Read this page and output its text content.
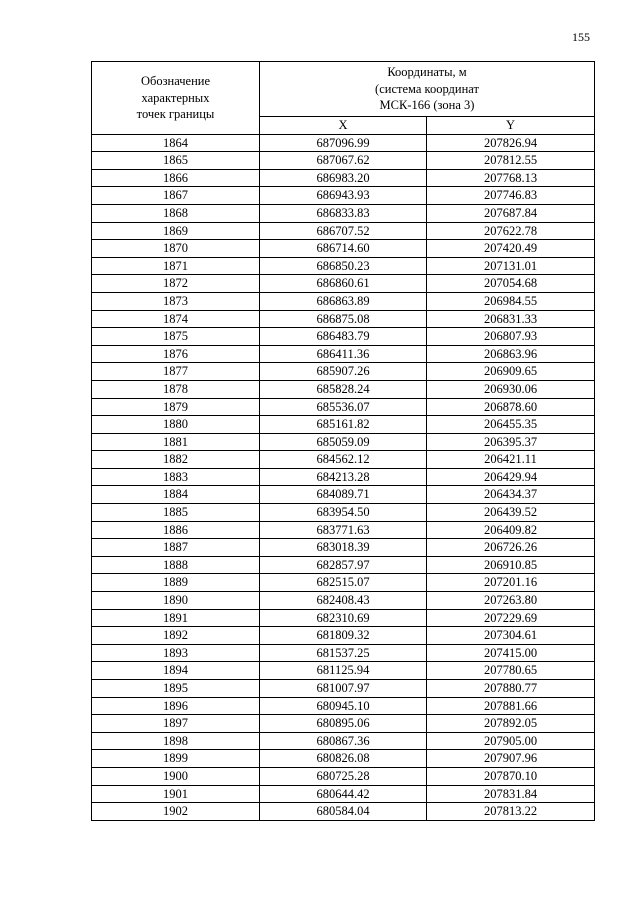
155
Обозначение
характерных
точек границы	Координаты, м
(система координат
МСК-166 (зона 3)	

	X	Y
1864	687096.99	207826.94
1865	687067.62	207812.55
1866	686983.20	207768.13
1867	686943.93	207746.83
1868	686833.83	207687.84
1869	686707.52	207622.78
1870	686714.60	207420.49
1871	686850.23	207131.01
1872	686860.61	207054.68
1873	686863.89	206984.55
1874	686875.08	206831.33
1875	686483.79	206807.93
1876	686411.36	206863.96
1877	685907.26	206909.65
1878	685828.24	206930.06
1879	685536.07	206878.60
1880	685161.82	206455.35
1881	685059.09	206395.37
1882	684562.12	206421.11
1883	684213.28	206429.94
1884	684089.71	206434.37
1885	683954.50	206439.52
1886	683771.63	206409.82
1887	683018.39	206726.26
1888	682857.97	206910.85
1889	682515.07	207201.16
1890	682408.43	207263.80
1891	682310.69	207229.69
1892	681809.32	207304.61
1893	681537.25	207415.00
1894	681125.94	207780.65
1895	681007.97	207880.77
1896	680945.10	207881.66
1897	680895.06	207892.05
1898	680867.36	207905.00
1899	680826.08	207907.96
1900	680725.28	207870.10
1901	680644.42	207831.84
1902	680584.04	207813.22
